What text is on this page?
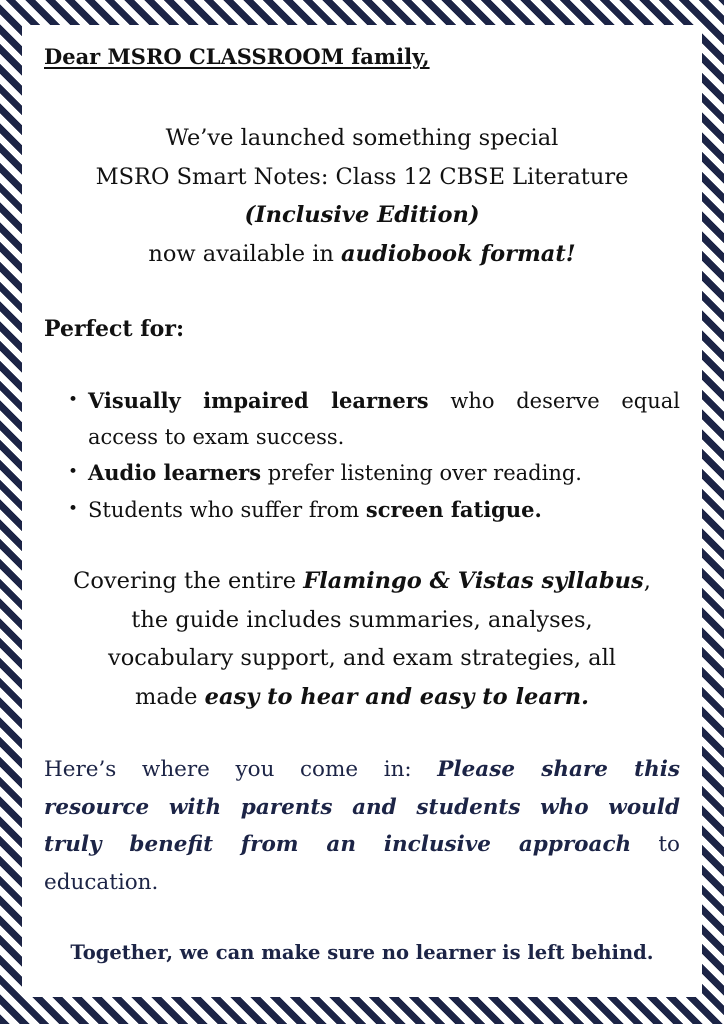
Dear MSRO CLASSROOM family,

We’ve launched something special
MSRO Smart Notes: Class 12 CBSE Literature
(Inclusive Edition)
now available in audiobook format!

Perfect for:

• Visually impaired learners who deserve equal
access to exam success.
• Audio learners prefer listening over reading.
• Students who suffer from screen fatigue.
Covering the entire Flamingo & Vistas syllabus,
the guide includes summaries, analyses,
vocabulary support, and exam strategies, all
made easy to hear and easy to learn.
Here’s where you come in: Please share this
resource with parents and students who would
truly benefit from an inclusive approach to
education.

Together, we can make sure no learner is left behind.
